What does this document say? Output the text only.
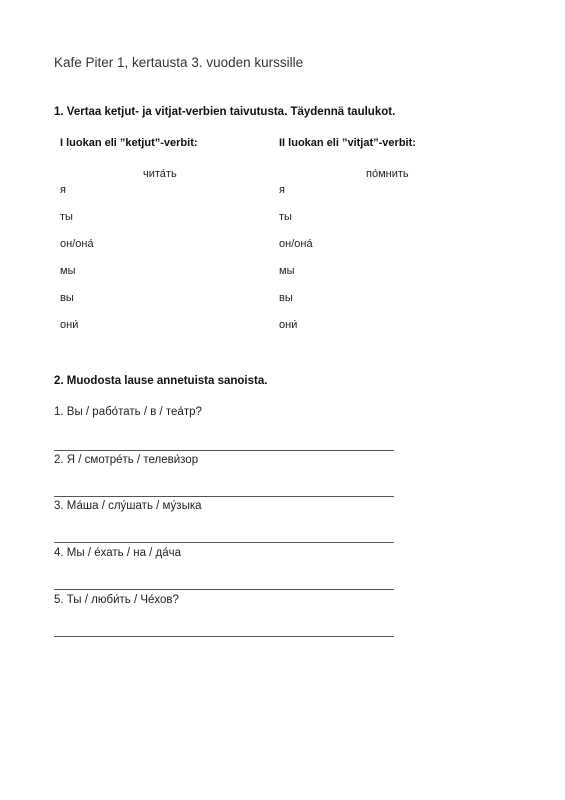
Kafe Piter 1, kertausta 3. vuoden kurssille
1. Vertaa ketjut- ja vitjat-verbien taivutusta. Täydennä taulukot.
I luokan eli ”ketjut”-verbit:
чита́ть
я
ты
он/она́
мы
вы
они́
II luokan eli ”vitjat”-verbit:
по́мнить
я
ты
он/она́
мы
вы
они́
2. Muodosta lause annetuista sanoista.
1. Вы / рабо́тать / в / теа́тр?
2. Я / смотре́ть / телеви́зор
3. Ма́ша / слу́шать / му́зыка
4. Мы / е́хать / на / да́ча
5. Ты / люби́ть / Че́хов?
